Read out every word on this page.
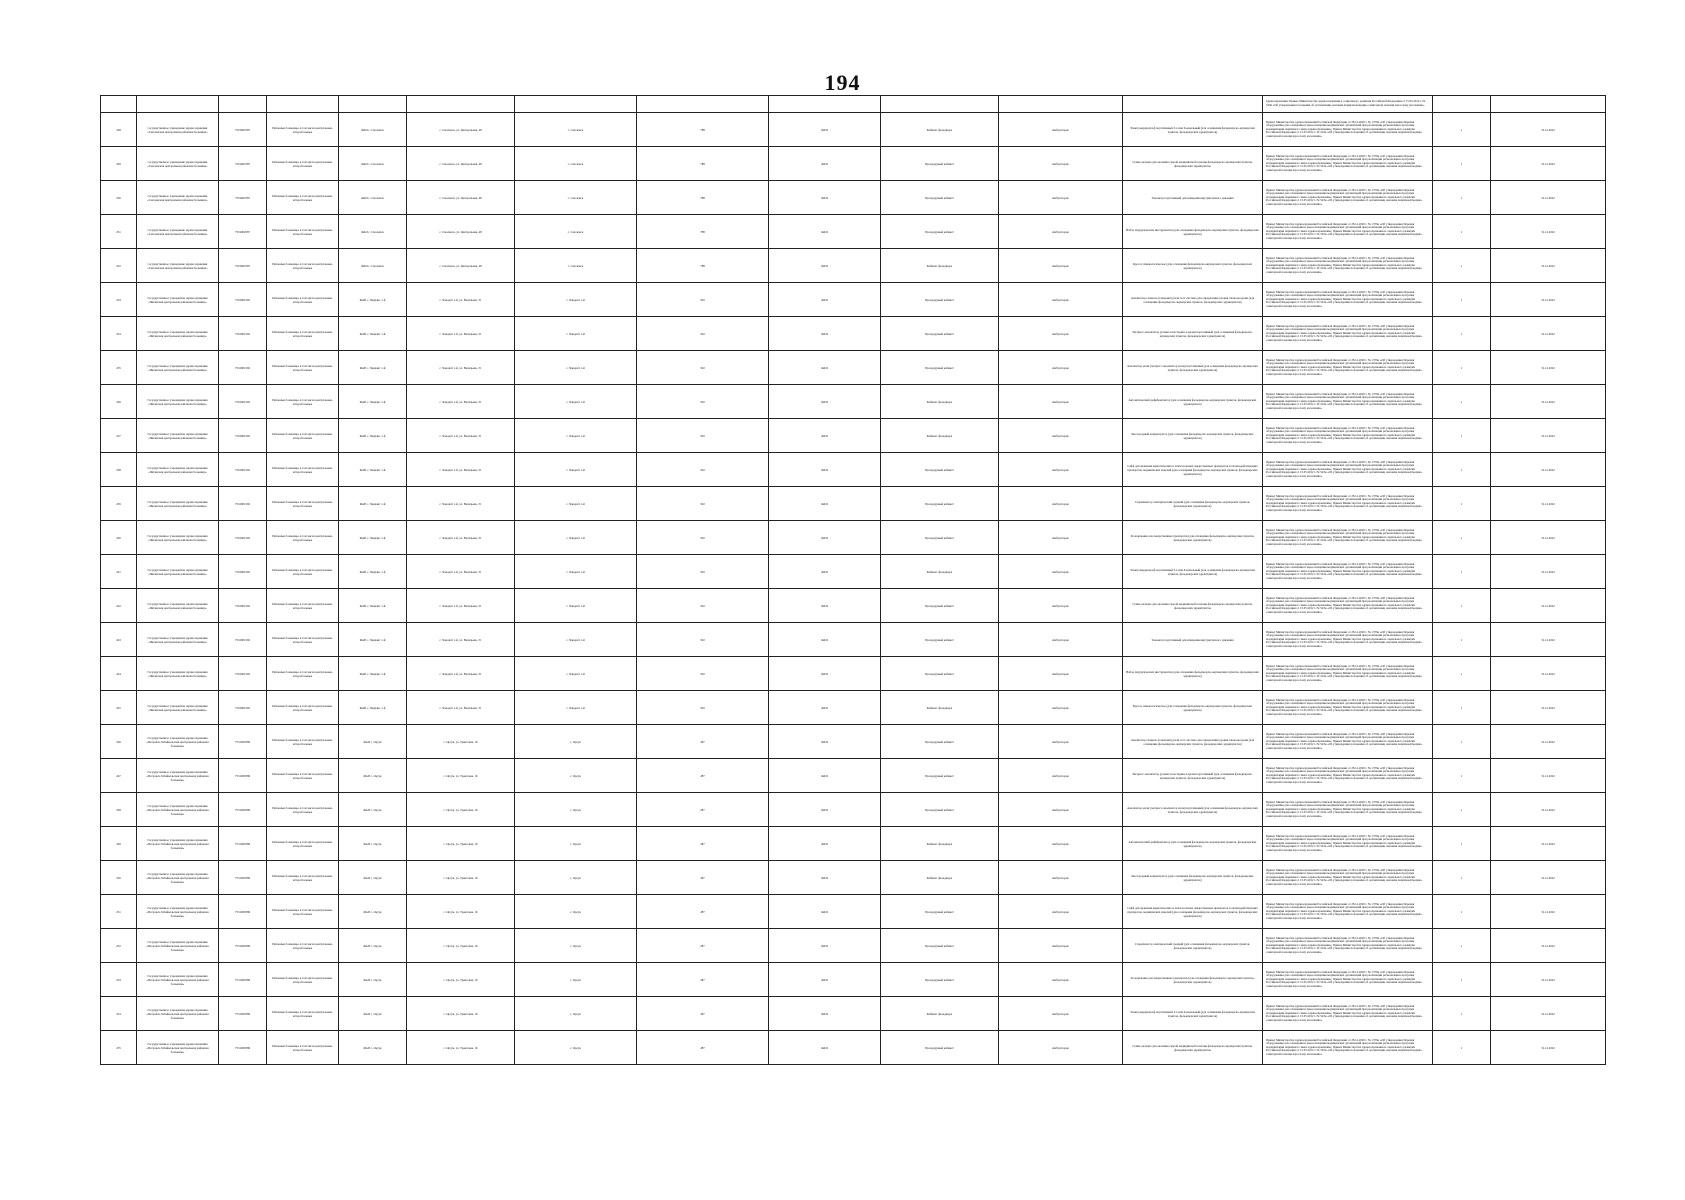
194
												здравоохранения; Приказ Министерства здравоохранения и социального развития Российской Федерации от 15.05.2012 г. № 543н «Об утверждении положения об организации оказания первичной медико-санитарной помощи взрослому населению»		
228	государственное учреждение здравоохранения «Смоленская центральная районная больница»	7519002587	Районные больницы, в том числе центральные, аптеробольные	ФАП с. Смоленск	с. Смоленск, ул. Центральная, 48	с. Смоленск	788	ФАП	Кабинет фельдшера	Амбулаторно	Электрокардиограф портативный 3-х или 6-канальный (для оснащения фельдшерско-акушерских пунктов, фельдшерских здравпунктов)	Приказ Министерства здравоохранения Российской Федерации от 28.12.2020 г. № 1379н «Об утверждении Перечня оборудования для оснащения и переоснащения медицинских организаций при реализации региональных программ модернизации первичного звена здравоохранения»; Приказ Министерства здравоохранения и социального развития Российской Федерации от 15.05.2012 г. № 543н «Об утверждении положения об организации оказания первичной медико-санитарной помощи взрослому населению»	1	31.12.2022
229	государственное учреждение здравоохранения «Смоленская центральная районная больница»	7519002587	Районные больницы, в том числе центральные, аптеробольные	ФАП с. Смоленск	с. Смоленск, ул. Центральная, 48	с. Смоленск	788	ФАП	Процедурный кабинет	Амбулаторно	Сумка-укладка для оказания скорой медицинской помощи фельдшерско-акушерских пунктов, фельдшерских здравпунктов	Приказ Министерства здравоохранения Российской Федерации от 28.12.2020 г. № 1379н «Об утверждении Перечня оборудования для оснащения и переоснащения медицинских организаций при реализации региональных программ модернизации первичного звена здравоохранения»; Приказ Министерства здравоохранения и социального развития Российской Федерации от 15.05.2012 г. № 543н «Об утверждении положения об организации оказания первичной медико-санитарной помощи взрослому населению»	1	31.12.2022
230	государственное учреждение здравоохранения «Смоленская центральная районная больница»	7519002587	Районные больницы, в том числе центральные, аптеробольные	ФАП с. Смоленск	с. Смоленск, ул. Центральная, 48	с. Смоленск	788	ФАП	Процедурный кабинет	Амбулаторно	Тонометр портативный для измерения внутриглазного давления	Приказ Министерства здравоохранения Российской Федерации от 28.12.2020 г. № 1379н «Об утверждении Перечня оборудования для оснащения и переоснащения медицинских организаций при реализации региональных программ модернизации первичного звена здравоохранения»; Приказ Министерства здравоохранения и социального развития Российской Федерации от 15.05.2012 г. № 543н «Об утверждении положения об организации оказания первичной медико-санитарной помощи взрослому населению»	1	31.12.2022
231	государственное учреждение здравоохранения «Смоленская центральная районная больница»	7519002587	Районные больницы, в том числе центральные, аптеробольные	ФАП с. Смоленск	с. Смоленск, ул. Центральная, 48	с. Смоленск	788	ФАП	Процедурный кабинет	Амбулаторно	Набор хирургических инструментов (для оснащения фельдшерско-акушерских пунктов, фельдшерских здравпунктов)	Приказ Министерства здравоохранения Российской Федерации от 28.12.2020 г. № 1379н «Об утверждении Перечня оборудования для оснащения и переоснащения медицинских организаций при реализации региональных программ модернизации первичного звена здравоохранения»; Приказ Министерства здравоохранения и социального развития Российской Федерации от 15.05.2012 г. № 543н «Об утверждении положения об организации оказания первичной медико-санитарной помощи взрослому населению»	1	31.12.2022
232	государственное учреждение здравоохранения «Смоленская центральная районная больница»	7519002587	Районные больницы, в том числе центральные, аптеробольные	ФАП с. Смоленск	с. Смоленск, ул. Центральная, 48	с. Смоленск	788	ФАП	Кабинет фельдшера	Амбулаторно	Кресло гинекологическое (для оснащения фельдшерско-акушерских пунктов, фельдшерских здравпунктов)	Приказ Министерства здравоохранения Российской Федерации от 28.12.2020 г. № 1379н «Об утверждении Перечня оборудования для оснащения и переоснащения медицинских организаций при реализации региональных программ модернизации первичного звена здравоохранения»; Приказ Министерства здравоохранения и социального развития Российской Федерации от 15.05.2012 г. № 543н «Об утверждении положения об организации оказания первичной медико-санитарной помощи взрослому населению»	1	31.12.2022
233	Государственное учреждение здравоохранения «Читинская центральная районная больница»	7516001592	Районные больницы, в том числе центральные, аптеробольные	ФАП с. Чандант 1-й	с. Чандант 1-й, ул. Васильева, 31	с. Чандант 1-й	502	ФАП	Процедурный кабинет	Амбулаторно	Анализатор глюкозы (глюкометр) или тест-система для определения уровня глюкозы крови (для оснащения фельдшерско-акушерских пунктов, фельдшерских здравпунктов)	Приказ Министерства здравоохранения Российской Федерации от 28.12.2020 г. № 1379н «Об утверждении Перечня оборудования для оснащения и переоснащения медицинских организаций при реализации региональных программ модернизации первичного звена здравоохранения»; Приказ Министерства здравоохранения и социального развития Российской Федерации от 15.05.2012 г. № 543н «Об утверждении положения об организации оказания первичной медико-санитарной помощи взрослому населению»	1	31.12.2022
234	Государственное учреждение здравоохранения «Читинская центральная районная больница»	7516001592	Районные больницы, в том числе центральные, аптеробольные	ФАП с. Чандант 1-й	с. Чандант 1-й, ул. Васильева, 31	с. Чандант 1-й	502	ФАП	Процедурный кабинет	Амбулаторно	Экспресс-анализатор уровня холестерина в крови портативный (для оснащения фельдшерско-акушерских пунктов, фельдшерских здравпунктов)	Приказ Министерства здравоохранения Российской Федерации от 28.12.2020 г. № 1379н «Об утверждении Перечня оборудования для оснащения и переоснащения медицинских организаций при реализации региональных программ модернизации первичного звена здравоохранения»; Приказ Министерства здравоохранения и социального развития Российской Федерации от 15.05.2012 г. № 543н «Об утверждении положения об организации оказания первичной медико-санитарной помощи взрослому населению»	1	31.12.2022
235	Государственное учреждение здравоохранения «Читинская центральная районная больница»	7516001592	Районные больницы, в том числе центральные, аптеробольные	ФАП с. Чандант 1-й	с. Чандант 1-й, ул. Васильева, 31	с. Чандант 1-й	502	ФАП	Процедурный кабинет	Амбулаторно	Анализатор мочи (экспресс-анализатор мочи) портативный (для оснащения фельдшерско-акушерских пунктов, фельдшерских здравпунктов)	Приказ Министерства здравоохранения Российской Федерации от 28.12.2020 г. № 1379н «Об утверждении Перечня оборудования для оснащения и переоснащения медицинских организаций при реализации региональных программ модернизации первичного звена здравоохранения»; Приказ Министерства здравоохранения и социального развития Российской Федерации от 15.05.2012 г. № 543н «Об утверждении положения об организации оказания первичной медико-санитарной помощи взрослому населению»	1	31.12.2022
236	Государственное учреждение здравоохранения «Читинская центральная районная больница»	7516001592	Районные больницы, в том числе центральные, аптеробольные	ФАП с. Чандант 1-й	с. Чандант 1-й, ул. Васильева, 31	с. Чандант 1-й	502	ФАП	Кабинет фельдшера	Амбулаторно	Автоматический дефибриллятор (для оснащения фельдшерско-акушерских пунктов, фельдшерских здравпунктов)	Приказ Министерства здравоохранения Российской Федерации от 28.12.2020 г. № 1379н «Об утверждении Перечня оборудования для оснащения и переоснащения медицинских организаций при реализации региональных программ модернизации первичного звена здравоохранения»; Приказ Министерства здравоохранения и социального развития Российской Федерации от 15.05.2012 г. № 543н «Об утверждении положения об организации оказания первичной медико-санитарной помощи взрослому населению»	1	31.12.2022
237	Государственное учреждение здравоохранения «Читинская центральная районная больница»	7516001592	Районные больницы, в том числе центральные, аптеробольные	ФАП с. Чандант 1-й	с. Чандант 1-й, ул. Васильева, 31	с. Чандант 1-й	502	ФАП	Кабинет фельдшера	Амбулаторно	Кислородный концентратор (для оснащения фельдшерско-акушерских пунктов, фельдшерских здравпунктов)	Приказ Министерства здравоохранения Российской Федерации от 28.12.2020 г. № 1379н «Об утверждении Перечня оборудования для оснащения и переоснащения медицинских организаций при реализации региональных программ модернизации первичного звена здравоохранения»; Приказ Министерства здравоохранения и социального развития Российской Федерации от 15.05.2012 г. № 543н «Об утверждении положения об организации оказания первичной медико-санитарной помощи взрослому населению»	1	31.12.2022
238	Государственное учреждение здравоохранения «Читинская центральная районная больница»	7516001592	Районные больницы, в том числе центральные, аптеробольные	ФАП с. Чандант 1-й	с. Чандант 1-й, ул. Васильева, 31	с. Чандант 1-й	502	ФАП	Процедурный кабинет	Амбулаторно	Сейф для хранения наркотических и психотропных лекарственных препаратов и сильнодействующих препаратов, медицинских изделий (для оснащения фельдшерско-акушерских пунктов, фельдшерских здравпунктов)	Приказ Министерства здравоохранения Российской Федерации от 28.12.2020 г. № 1379н «Об утверждении Перечня оборудования для оснащения и переоснащения медицинских организаций при реализации региональных программ модернизации первичного звена здравоохранения»; Приказ Министерства здравоохранения и социального развития Российской Федерации от 15.05.2012 г. № 543н «Об утверждении положения об организации оказания первичной медико-санитарной помощи взрослому населению»	1	31.12.2022
239	Государственное учреждение здравоохранения «Читинская центральная районная больница»	7516001592	Районные больницы, в том числе центральные, аптеробольные	ФАП с. Чандант 1-й	с. Чандант 1-й, ул. Васильева, 31	с. Чандант 1-й	502	ФАП	Процедурный кабинет	Амбулаторно	Стерилизатор электрический средний (для оснащения фельдшерско-акушерских пунктов, фельдшерских здравпунктов)	Приказ Министерства здравоохранения Российской Федерации от 28.12.2020 г. № 1379н «Об утверждении Перечня оборудования для оснащения и переоснащения медицинских организаций при реализации региональных программ модернизации первичного звена здравоохранения»; Приказ Министерства здравоохранения и социального развития Российской Федерации от 15.05.2012 г. № 543н «Об утверждении положения об организации оказания первичной медико-санитарной помощи взрослому населению»	1	31.12.2022
240	Государственное учреждение здравоохранения «Читинская центральная районная больница»	7516001592	Районные больницы, в том числе центральные, аптеробольные	ФАП с. Чандант 1-й	с. Чандант 1-й, ул. Васильева, 31	с. Чандант 1-й	502	ФАП	Процедурный кабинет	Амбулаторно	Холодильник для лекарственных препаратов (для оснащения фельдшерско-акушерских пунктов, фельдшерских здравпунктов)	Приказ Министерства здравоохранения Российской Федерации от 28.12.2020 г. № 1379н «Об утверждении Перечня оборудования для оснащения и переоснащения медицинских организаций при реализации региональных программ модернизации первичного звена здравоохранения»; Приказ Министерства здравоохранения и социального развития Российской Федерации от 15.05.2012 г. № 543н «Об утверждении положения об организации оказания первичной медико-санитарной помощи взрослому населению»	1	31.12.2022
241	Государственное учреждение здравоохранения «Читинская центральная районная больница»	7516001592	Районные больницы, в том числе центральные, аптеробольные	ФАП с. Чандант 1-й	с. Чандант 1-й, ул. Васильева, 31	с. Чандант 1-й	502	ФАП	Кабинет фельдшера	Амбулаторно	Электрокардиограф портативный 3-х или 6-канальный (для оснащения фельдшерско-акушерских пунктов, фельдшерских здравпунктов)	Приказ Министерства здравоохранения Российской Федерации от 28.12.2020 г. № 1379н «Об утверждении Перечня оборудования для оснащения и переоснащения медицинских организаций при реализации региональных программ модернизации первичного звена здравоохранения»; Приказ Министерства здравоохранения и социального развития Российской Федерации от 15.05.2012 г. № 543н «Об утверждении положения об организации оказания первичной медико-санитарной помощи взрослому населению»	1	31.12.2022
242	Государственное учреждение здравоохранения «Читинская центральная районная больница»	7516001592	Районные больницы, в том числе центральные, аптеробольные	ФАП с. Чандант 1-й	с. Чандант 1-й, ул. Васильева, 31	с. Чандант 1-й	502	ФАП	Процедурный кабинет	Амбулаторно	Сумка-укладка для оказания скорой медицинской помощи фельдшерско-акушерских пунктов, фельдшерских здравпунктов	Приказ Министерства здравоохранения Российской Федерации от 28.12.2020 г. № 1379н «Об утверждении Перечня оборудования для оснащения и переоснащения медицинских организаций при реализации региональных программ модернизации первичного звена здравоохранения»; Приказ Министерства здравоохранения и социального развития Российской Федерации от 15.05.2012 г. № 543н «Об утверждении положения об организации оказания первичной медико-санитарной помощи взрослому населению»	1	31.12.2022
243	Государственное учреждение здравоохранения «Читинская центральная районная больница»	7516001592	Районные больницы, в том числе центральные, аптеробольные	ФАП с. Чандант 1-й	с. Чандант 1-й, ул. Васильева, 31	с. Чандант 1-й	502	ФАП	Процедурный кабинет	Амбулаторно	Тонометр портативный для измерения внутриглазного давления	Приказ Министерства здравоохранения Российской Федерации от 28.12.2020 г. № 1379н «Об утверждении Перечня оборудования для оснащения и переоснащения медицинских организаций при реализации региональных программ модернизации первичного звена здравоохранения»; Приказ Министерства здравоохранения и социального развития Российской Федерации от 15.05.2012 г. № 543н «Об утверждении положения об организации оказания первичной медико-санитарной помощи взрослому населению»	1	31.12.2022
244	Государственное учреждение здравоохранения «Читинская центральная районная больница»	7516001592	Районные больницы, в том числе центральные, аптеробольные	ФАП с. Чандант 1-й	с. Чандант 1-й, ул. Васильева, 31	с. Чандант 1-й	502	ФАП	Процедурный кабинет	Амбулаторно	Набор хирургических инструментов (для оснащения фельдшерско-акушерских пунктов, фельдшерских здравпунктов)	Приказ Министерства здравоохранения Российской Федерации от 28.12.2020 г. № 1379н «Об утверждении Перечня оборудования для оснащения и переоснащения медицинских организаций при реализации региональных программ модернизации первичного звена здравоохранения»; Приказ Министерства здравоохранения и социального развития Российской Федерации от 15.05.2012 г. № 543н «Об утверждении положения об организации оказания первичной медико-санитарной помощи взрослому населению»	1	31.12.2022
245	Государственное учреждение здравоохранения «Читинская центральная районная больница»	7516001592	Районные больницы, в том числе центральные, аптеробольные	ФАП с. Чандант 1-й	с. Чандант 1-й, ул. Васильева, 31	с. Чандант 1-й	502	ФАП	Кабинет фельдшера	Амбулаторно	Кресло гинекологическое (для оснащения фельдшерско-акушерских пунктов, фельдшерских здравпунктов)	Приказ Министерства здравоохранения Российской Федерации от 28.12.2020 г. № 1379н «Об утверждении Перечня оборудования для оснащения и переоснащения медицинских организаций при реализации региональных программ модернизации первичного звена здравоохранения»; Приказ Министерства здравоохранения и социального развития Российской Федерации от 15.05.2012 г. № 543н «Об утверждении положения об организации оказания первичной медико-санитарной помощи взрослому населению»	1	31.12.2022
246	Государственное учреждение здравоохранения «Петровск-Забайкальская центральная районная больница»	7531000589	Районные больницы, в том числе центральные, аптеробольные	ФАП с. Орсук	с. Орсук, ул. Трактовая, 16	с. Орсук	287	ФАП	Процедурный кабинет	Амбулаторно	Анализатор глюкозы (глюкометр) или тест-система для определения уровня глюкозы крови (для оснащения фельдшерско-акушерских пунктов, фельдшерских здравпунктов)	Приказ Министерства здравоохранения Российской Федерации от 28.12.2020 г. № 1379н «Об утверждении Перечня оборудования для оснащения и переоснащения медицинских организаций при реализации региональных программ модернизации первичного звена здравоохранения»; Приказ Министерства здравоохранения и социального развития Российской Федерации от 15.05.2012 г. № 543н «Об утверждении положения об организации оказания первичной медико-санитарной помощи взрослому населению»	1	31.12.2022
247	Государственное учреждение здравоохранения «Петровск-Забайкальская центральная районная больница»	7531000589	Районные больницы, в том числе центральные, аптеробольные	ФАП с. Орсук	с. Орсук, ул. Трактовая, 16	с. Орсук	287	ФАП	Процедурный кабинет	Амбулаторно	Экспресс-анализатор уровня холестерина в крови портативный (для оснащения фельдшерско-акушерских пунктов, фельдшерских здравпунктов)	Приказ Министерства здравоохранения Российской Федерации от 28.12.2020 г. № 1379н «Об утверждении Перечня оборудования для оснащения и переоснащения медицинских организаций при реализации региональных программ модернизации первичного звена здравоохранения»; Приказ Министерства здравоохранения и социального развития Российской Федерации от 15.05.2012 г. № 543н «Об утверждении положения об организации оказания первичной медико-санитарной помощи взрослому населению»	1	31.12.2022
248	Государственное учреждение здравоохранения «Петровск-Забайкальская центральная районная больница»	7531000589	Районные больницы, в том числе центральные, аптеробольные	ФАП с. Орсук	с. Орсук, ул. Трактовая, 16	с. Орсук	287	ФАП	Процедурный кабинет	Амбулаторно	Анализатор мочи (экспресс-анализатор мочи) портативный (для оснащения фельдшерско-акушерских пунктов, фельдшерских здравпунктов)	Приказ Министерства здравоохранения Российской Федерации от 28.12.2020 г. № 1379н «Об утверждении Перечня оборудования для оснащения и переоснащения медицинских организаций при реализации региональных программ модернизации первичного звена здравоохранения»; Приказ Министерства здравоохранения и социального развития Российской Федерации от 15.05.2012 г. № 543н «Об утверждении положения об организации оказания первичной медико-санитарной помощи взрослому населению»	1	31.12.2022
249	Государственное учреждение здравоохранения «Петровск-Забайкальская центральная районная больница»	7531000589	Районные больницы, в том числе центральные, аптеробольные	ФАП с. Орсук	с. Орсук, ул. Трактовая, 16	с. Орсук	287	ФАП	Кабинет фельдшера	Амбулаторно	Автоматический дефибриллятор (для оснащения фельдшерско-акушерских пунктов, фельдшерских здравпунктов)	Приказ Министерства здравоохранения Российской Федерации от 28.12.2020 г. № 1379н «Об утверждении Перечня оборудования для оснащения и переоснащения медицинских организаций при реализации региональных программ модернизации первичного звена здравоохранения»; Приказ Министерства здравоохранения и социального развития Российской Федерации от 15.05.2012 г. № 543н «Об утверждении положения об организации оказания первичной медико-санитарной помощи взрослому населению»	1	31.12.2022
250	Государственное учреждение здравоохранения «Петровск-Забайкальская центральная районная больница»	7531000589	Районные больницы, в том числе центральные, аптеробольные	ФАП с. Орсук	с. Орсук, ул. Трактовая, 16	с. Орсук	287	ФАП	Кабинет фельдшера	Амбулаторно	Кислородный концентратор (для оснащения фельдшерско-акушерских пунктов, фельдшерских здравпунктов)	Приказ Министерства здравоохранения Российской Федерации от 28.12.2020 г. № 1379н «Об утверждении Перечня оборудования для оснащения и переоснащения медицинских организаций при реализации региональных программ модернизации первичного звена здравоохранения»; Приказ Министерства здравоохранения и социального развития Российской Федерации от 15.05.2012 г. № 543н «Об утверждении положения об организации оказания первичной медико-санитарной помощи взрослому населению»	1	31.12.2022
251	Государственное учреждение здравоохранения «Петровск-Забайкальская центральная районная больница»	7531000589	Районные больницы, в том числе центральные, аптеробольные	ФАП с. Орсук	с. Орсук, ул. Трактовая, 16	с. Орсук	287	ФАП	Процедурный кабинет	Амбулаторно	Сейф для хранения наркотических и психотропных лекарственных препаратов и сильнодействующих препаратов, медицинских изделий (для оснащения фельдшерско-акушерских пунктов, фельдшерских здравпунктов)	Приказ Министерства здравоохранения Российской Федерации от 28.12.2020 г. № 1379н «Об утверждении Перечня оборудования для оснащения и переоснащения медицинских организаций при реализации региональных программ модернизации первичного звена здравоохранения»; Приказ Министерства здравоохранения и социального развития Российской Федерации от 15.05.2012 г. № 543н «Об утверждении положения об организации оказания первичной медико-санитарной помощи взрослому населению»	1	31.12.2022
252	Государственное учреждение здравоохранения «Петровск-Забайкальская центральная районная больница»	7531000589	Районные больницы, в том числе центральные, аптеробольные	ФАП с. Орсук	с. Орсук, ул. Трактовая, 16	с. Орсук	287	ФАП	Процедурный кабинет	Амбулаторно	Стерилизатор электрический средний (для оснащения фельдшерско-акушерских пунктов, фельдшерских здравпунктов)	Приказ Министерства здравоохранения Российской Федерации от 28.12.2020 г. № 1379н «Об утверждении Перечня оборудования для оснащения и переоснащения медицинских организаций при реализации региональных программ модернизации первичного звена здравоохранения»; Приказ Министерства здравоохранения и социального развития Российской Федерации от 15.05.2012 г. № 543н «Об утверждении положения об организации оказания первичной медико-санитарной помощи взрослому населению»	1	31.12.2022
253	Государственное учреждение здравоохранения «Петровск-Забайкальская центральная районная больница»	7531000589	Районные больницы, в том числе центральные, аптеробольные	ФАП с. Орсук	с. Орсук, ул. Трактовая, 16	с. Орсук	287	ФАП	Процедурный кабинет	Амбулаторно	Холодильник для лекарственных препаратов (для оснащения фельдшерско-акушерских пунктов, фельдшерских здравпунктов)	Приказ Министерства здравоохранения Российской Федерации от 28.12.2020 г. № 1379н «Об утверждении Перечня оборудования для оснащения и переоснащения медицинских организаций при реализации региональных программ модернизации первичного звена здравоохранения»; Приказ Министерства здравоохранения и социального развития Российской Федерации от 15.05.2012 г. № 543н «Об утверждении положения об организации оказания первичной медико-санитарной помощи взрослому населению»	1	31.12.2022
254	Государственное учреждение здравоохранения «Петровск-Забайкальская центральная районная больница»	7531000589	Районные больницы, в том числе центральные, аптеробольные	ФАП с. Орсук	с. Орсук, ул. Трактовая, 16	с. Орсук	287	ФАП	Кабинет фельдшера	Амбулаторно	Электрокардиограф портативный 3-х или 6-канальный (для оснащения фельдшерско-акушерских пунктов, фельдшерских здравпунктов)	Приказ Министерства здравоохранения Российской Федерации от 28.12.2020 г. № 1379н «Об утверждении Перечня оборудования для оснащения и переоснащения медицинских организаций при реализации региональных программ модернизации первичного звена здравоохранения»; Приказ Министерства здравоохранения и социального развития Российской Федерации от 15.05.2012 г. № 543н «Об утверждении положения об организации оказания первичной медико-санитарной помощи взрослому населению»	1	31.12.2022
255	Государственное учреждение здравоохранения «Петровск-Забайкальская центральная районная больница»	7531000589	Районные больницы, в том числе центральные, аптеробольные	ФАП с. Орсук	с. Орсук, ул. Трактовая, 16	с. Орсук	287	ФАП	Процедурный кабинет	Амбулаторно	Сумка-укладка для оказания скорой медицинской помощи фельдшерско-акушерских пунктов, фельдшерских здравпунктов	Приказ Министерства здравоохранения Российской Федерации от 28.12.2020 г. № 1379н «Об утверждении Перечня оборудования для оснащения и переоснащения медицинских организаций при реализации региональных программ модернизации первичного звена здравоохранения»; Приказ Министерства здравоохранения и социального развития Российской Федерации от 15.05.2012 г. № 543н «Об утверждении положения об организации оказания первичной медико-санитарной помощи взрослому населению»	1	31.12.2022
